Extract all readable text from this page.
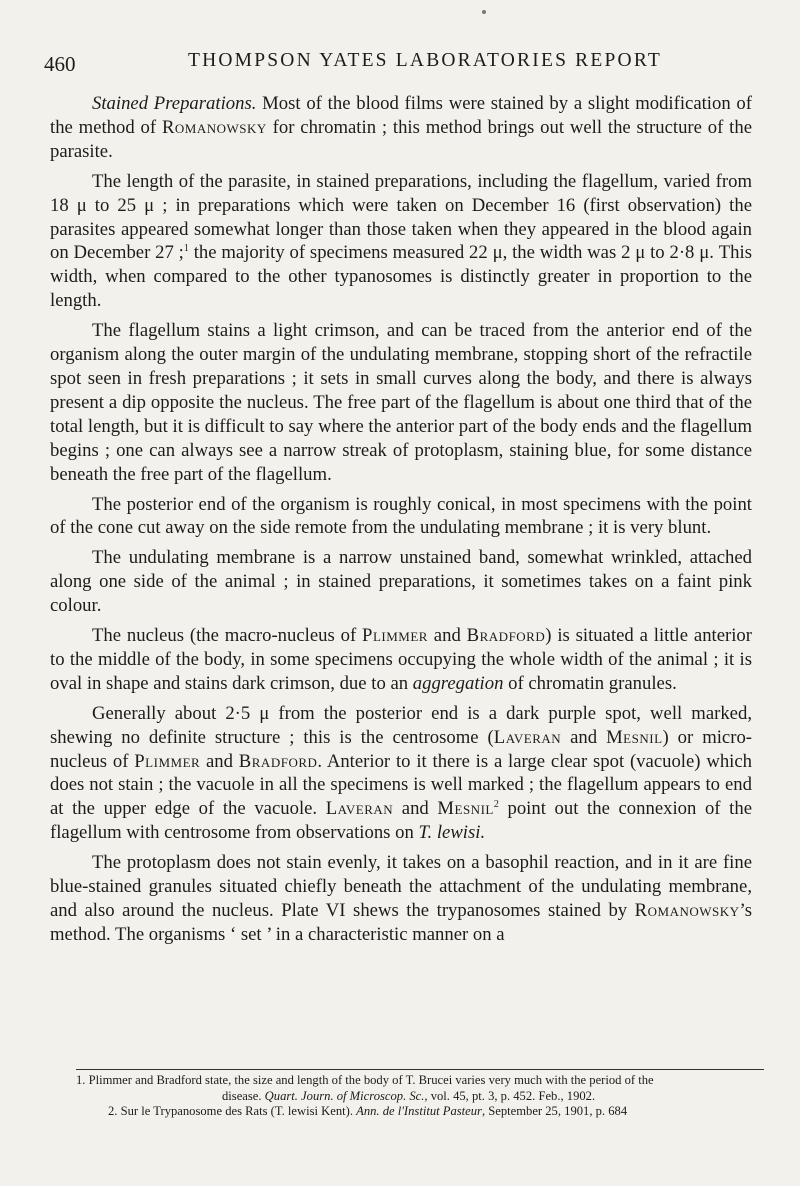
460	THOMPSON YATES LABORATORIES REPORT

Stained Preparations. Most of the blood films were stained by a slight modification of the method of Romanowsky for chromatin ; this method brings out well the structure of the parasite.

The length of the parasite, in stained preparations, including the flagellum, varied from 18 μ to 25 μ ; in preparations which were taken on December 16 (first observation) the parasites appeared somewhat longer than those taken when they appeared in the blood again on December 27 ;$^1$ the majority of specimens measured 22 μ, the width was 2 μ to 2·8 μ. This width, when compared to the other typanosomes is distinctly greater in proportion to the length.

The flagellum stains a light crimson, and can be traced from the anterior end of the organism along the outer margin of the undulating membrane, stopping short of the refractile spot seen in fresh preparations ; it sets in small curves along the body, and there is always present a dip opposite the nucleus. The free part of the flagellum is about one third that of the total length, but it is difficult to say where the anterior part of the body ends and the flagellum begins ; one can always see a narrow streak of protoplasm, staining blue, for some distance beneath the free part of the flagellum.

The posterior end of the organism is roughly conical, in most specimens with the point of the cone cut away on the side remote from the undulating membrane ; it is very blunt.

The undulating membrane is a narrow unstained band, somewhat wrinkled, attached along one side of the animal ; in stained preparations, it sometimes takes on a faint pink colour.

The nucleus (the macro-nucleus of Plimmer and Bradford) is situated a little anterior to the middle of the body, in some specimens occupying the whole width of the animal ; it is oval in shape and stains dark crimson, due to an aggregation of chromatin granules.

Generally about 2·5 μ from the posterior end is a dark purple spot, well marked, shewing no definite structure ; this is the centrosome (Laveran and Mesnil) or micro-nucleus of Plimmer and Bradford. Anterior to it there is a large clear spot (vacuole) which does not stain ; the vacuole in all the specimens is well marked ; the flagellum appears to end at the upper edge of the vacuole. Laveran and Mesnil$^2$ point out the connexion of the flagellum with centrosome from observations on T. lewisi.

The protoplasm does not stain evenly, it takes on a basophil reaction, and in it are fine blue-stained granules situated chiefly beneath the attachment of the undulating membrane, and also around the nucleus. Plate VI shews the trypanosomes stained by Romanowsky’s method. The organisms ‘ set ’ in a characteristic manner on a

1. Plimmer and Bradford state, the size and length of the body of T. Brucei varies very much with the period of the

disease. Quart. Journ. of Microscop. Sc., vol. 45, pt. 3, p. 452. Feb., 1902.

2. Sur le Trypanosome des Rats (T. lewisi Kent). Ann. de l'Institut Pasteur, September 25, 1901, p. 684
